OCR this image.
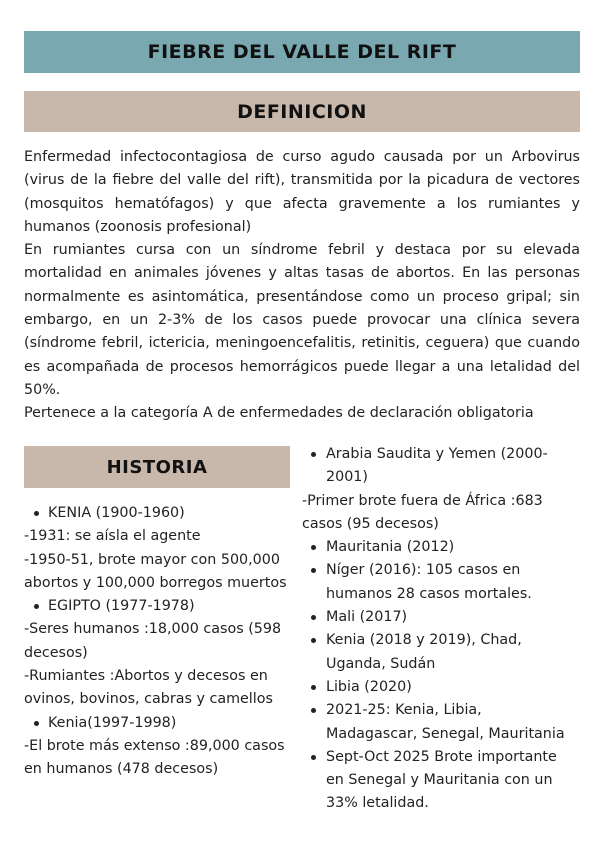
FIEBRE DEL VALLE DEL RIFT
DEFINICION

Enfermedad infectocontagiosa de curso agudo causada por un Arbovirus (virus de la fiebre del valle del rift), transmitida por la picadura de vectores (mosquitos hematófagos) y que afecta gravemente a los rumiantes y humanos (zoonosis profesional)

En rumiantes cursa con un síndrome febril y destaca por su elevada mortalidad en animales jóvenes y altas tasas de abortos. En las personas normalmente es asintomática, presentándose como un proceso gripal; sin embargo, en un 2-3% de los casos puede provocar una clínica severa (síndrome febril, ictericia, meningoencefalitis, retinitis, ceguera) que cuando es acompañada de procesos hemorrágicos puede llegar a una letalidad del 50%.

Pertenece a la categoría A de enfermedades de declaración obligatoria

HISTORIA
KENIA (1900-1960)
-1931: se aísla el agente
-1950-51, brote mayor con 500,000 abortos y 100,000 borregos muertos
EGIPTO (1977-1978)
-Seres humanos :18,000 casos (598 decesos)
-Rumiantes :Abortos y decesos en ovinos, bovinos, cabras y camellos
Kenia(1997-1998)
-El brote más extenso :89,000 casos en humanos (478 decesos)
Arabia Saudita y Yemen (2000-2001)
-Primer brote fuera de África :683 casos (95 decesos)
Mauritania (2012)
Níger (2016): 105 casos en humanos 28 casos mortales.
Mali (2017)
Kenia (2018 y 2019), Chad, Uganda, Sudán
Libia (2020)
2021-25: Kenia, Libia, Madagascar, Senegal, Mauritania
Sept-Oct 2025 Brote importante en Senegal y Mauritania con un 33% letalidad.
